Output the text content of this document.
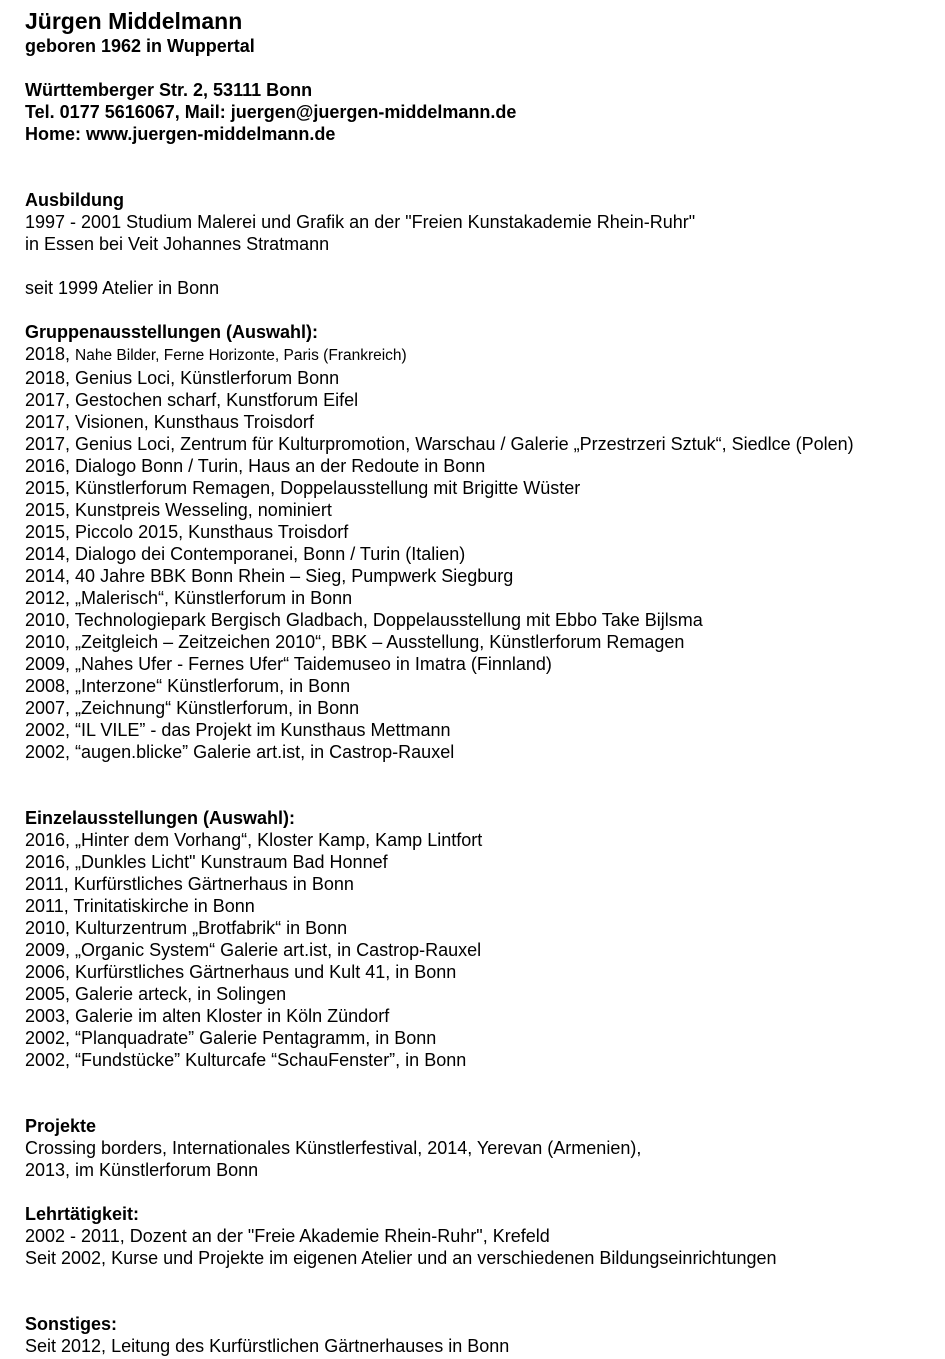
Jürgen Middelmann

geboren 1962 in Wuppertal

Württemberger Str. 2, 53111 Bonn

Tel. 0177 5616067, Mail: juergen@juergen-middelmann.de

Home: www.juergen-middelmann.de

Ausbildung

1997 - 2001 Studium Malerei und Grafik an der "Freien Kunstakademie Rhein-Ruhr"

in Essen bei Veit Johannes Stratmann

seit 1999 Atelier in Bonn

Gruppenausstellungen (Auswahl):

2018, Nahe Bilder, Ferne Horizonte, Paris (Frankreich)

2018, Genius Loci, Künstlerforum Bonn
2017, Gestochen scharf, Kunstforum Eifel
2017, Visionen, Kunsthaus Troisdorf
2017, Genius Loci, Zentrum für Kulturpromotion, Warschau / Galerie „Przestrzeri Sztuk“, Siedlce (Polen)
2016, Dialogo Bonn / Turin, Haus an der Redoute in Bonn
2015, Künstlerforum Remagen, Doppelausstellung mit Brigitte Wüster
2015, Kunstpreis Wesseling, nominiert
2015, Piccolo 2015, Kunsthaus Troisdorf
2014, Dialogo dei Contemporanei, Bonn / Turin (Italien)
2014, 40 Jahre BBK Bonn Rhein – Sieg, Pumpwerk Siegburg
2012, „Malerisch“, Künstlerforum in Bonn
2010, Technologiepark Bergisch Gladbach, Doppelausstellung mit Ebbo Take Bijlsma
2010, „Zeitgleich – Zeitzeichen 2010“, BBK – Ausstellung, Künstlerforum Remagen
2009, „Nahes Ufer - Fernes Ufer“ Taidemuseo in Imatra (Finnland)
2008, „Interzone“ Künstlerforum, in Bonn
2007, „Zeichnung“ Künstlerforum, in Bonn
2002, “IL VILE” - das Projekt im Kunsthaus Mettmann
2002, “augen.blicke” Galerie art.ist, in Castrop-Rauxel

Einzelausstellungen (Auswahl):

2016, „Hinter dem Vorhang“, Kloster Kamp, Kamp Lintfort
2016, „Dunkles Licht" Kunstraum Bad Honnef
2011, Kurfürstliches Gärtnerhaus in Bonn
2011, Trinitatiskirche in Bonn
2010, Kulturzentrum „Brotfabrik“ in Bonn
2009, „Organic System“ Galerie art.ist, in Castrop-Rauxel
2006, Kurfürstliches Gärtnerhaus und Kult 41, in Bonn
2005, Galerie arteck, in Solingen
2003, Galerie im alten Kloster in Köln Zündorf
2002, “Planquadrate” Galerie Pentagramm, in Bonn
2002, “Fundstücke” Kulturcafe “SchauFenster”, in Bonn

Projekte

Crossing borders, Internationales Künstlerfestival, 2014, Yerevan (Armenien),

2013, im Künstlerforum Bonn

Lehrtätigkeit:

2002 - 2011, Dozent an der "Freie Akademie Rhein-Ruhr", Krefeld

Seit 2002, Kurse und Projekte im eigenen Atelier und an verschiedenen Bildungseinrichtungen

Sonstiges:

Seit 2012, Leitung des Kurfürstlichen Gärtnerhauses in Bonn
